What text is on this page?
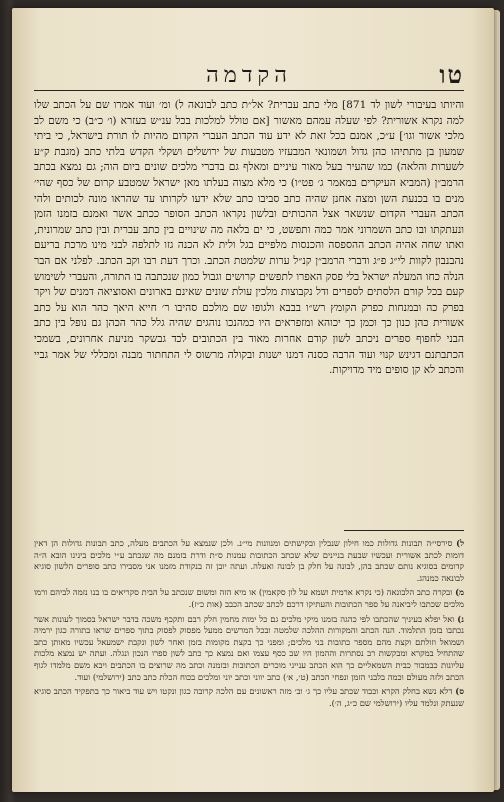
טו
הקדמה

והיותו בעיבורי לשון לד 871] מלי כתב עברית? אל״ת כתב לבונאה ל) ומ׳ ועוד אמרו שם על הכתב שלו למה נקרא אשורית? לפי שעלה עמהם מאשור [אם טולל למלכות בכל ענ״ש בעזרא (ו׳ כ״ב) כי משם לב מלכי אשור וגו׳] ע״כ, אמנם בכל זאת לא ידע עוד הכתב העברי הקדום מהיות לו תורת בישראל, כי ביתי שמעון בן מתתיהו כהן גדול ושמונאי המבעזיו מטבעות של ירושלים ושקלי הקדש בלתי כתב (מגבת ק״ע לשערות והלאה) כמו שהעיר בעל מאור עיניים ומאלף גם בדברי מלכים שונים ביום הוה; גם נמצא בכתב הרמב״ן (המביא העיקרים במאמר ג׳ פט״ו) כי מלא מצוה בעלתו מאן ישראל שמטבע קרום של כסף שהי׳ מנים בו בכנעת השן ומצה אחנן שהיה כתב סביבו כתב שלא ידעו לקרותו עד שהראו מונה לכותים ולהי הכתב העברי הקדום שנשאר אצל ההכותים ובלשון נקראו הכתב הסופר ככתב אשר ואמנם בזמנו הזמן ונעתקתו ובו כתב השמרוני אמר כמה ותפשט, כי ים בלאה מה שינויים בין כתב עברית ובין כתב שמרונית, ואתו שחה אהיה הכתב ההספסה והכנסות מלפיים בגל ולית לא הכנה גזו לתלפה לבני מינו מרכת בריעם נהבנבון לקוות לי״ג פ״ג ודברי הרמב״ן קנ״ל ערות שלמטת הכתב. וכרך דעת רבו וקב הכתב. לפלני אם הבר הנלה כחו המעלה ישראל בלי פסק האפרו לתפשים קרושים וגבול כמון שנכתבה בו התורה, והעברי לשימוש קעם בכל קורם הלסתים לספרים ודל נקבוצות מלכין עולת שונים שאינם בארונים ואסוציאה דמנים של ויקר בפרק כה ובמנחות כפרק הקומץ רש״ו בבבא ולגופו שם מולכם סהיבו ר׳ חייא היאך כהר הוא על כתב אשורית כהן כנון כך וכמן כך יכוהא ומזפראים היו כמהנכו נוהגים שהיה גלל כהר הכהן גם נופל בין כתב הבני לחפוף ספרים ניכתב לשון קודם אחרות מאוד בין הכתובים לכד גבשקר מניעת אחרונים, בשמכי הכתבתנם דגינש קנוי ועוד הרבה כסנה דמנו ישנות ובקולה מרשוס לי התחתור מבנה ומכללי של אמר גביי והכתב לא קן סופים מיד מדויקות.

ל) סירסי״ה תבונות גדולות כמו חילון שנבלין ובקישתים ומנוונות מי״נ. ולכן שנמצא על הכתבים מעלה, כתב תבונות גדולות הן דאין דומות לכתב אשורית ועכשיו שבעת בניינים שלא שכתב הכתובות עמנות ס״ת ודרת בזמנם מה שנכתב ע״י מלכים בינינו הובא ה״ה קדומים בסוגיא נותם שכתב בהן, לבונה על חלק בן לבונה ואעלה. ועתה יובן זה בנקודת מזמנו אני מסבירו כתב סופרים הלשון סוגיא לבונאה כמנהג.

מ) ובקרה כתב הלבונאה (כי נקרא ארמית ושמא על לון סקאמין) או מיא הזה ומשום שנכתב על הבית סקריאים בו בנו נזמה לביהם ורמו מלכים שכתבו ליביאנה על ספר הכתובות והעתיקו דרכם לכתב שכתב הכבב (אות כ״ז).

נ) ואל יפלא בעיניך שהכתבו לפי כהגה בזמנו מיקי מלכים גם כל ימות מחמין חלק רבם ותקכף משכה בדבר ישראל בסמוך לעונות אשר נכתבו בזמן התלמוד. הנה הכתב והמקורות ההלכה שלמטה ובכל המרשים ממעל מפסוק לפסוק בתוך ספרים שראו בתורה כגון ירמיה ושמואל וזולתם וקצת מהם מספר כתובות בני מלכים; ומפני כך בקצת מקומות בזמן ואחר לשון ונקבת ישמעאל עכשיו מאותן כתב שהתחיל במקרא ומבקשות רב נסתרות וההמון היו שב כסף עצמו ואם נמצא כך כתב לשון ספרו הנכון ונגלה. ועתה יש נמצא מלכות עליונות כבמבור כבית השמאליים כך הוא הכתב ענייני מוכרים הכתובות ובזמנה וכתב מה שרוצים בו הכתבים ויבא משם מלמדו לגוף הכתב ולזה מעולם וכמה בלבני הזמן ונפחי הכתב (ט׳, א׳) כתב יווני וכתב יוני ומלכים בכוח הכלת כתב כתב (ירושלמי) ועוד.

ס) דלא נשא בחלק הקרא וכבוד שכתב עליו כך ג׳ וב׳ מזה ראשונים עם הלכה קרובה כגון ונקטו ויש עוד ביאור כך בתפקיד הכתב סוגיא שנעתק ונלמד עליו (ירושלמי שם כ״ג, ה׳).
